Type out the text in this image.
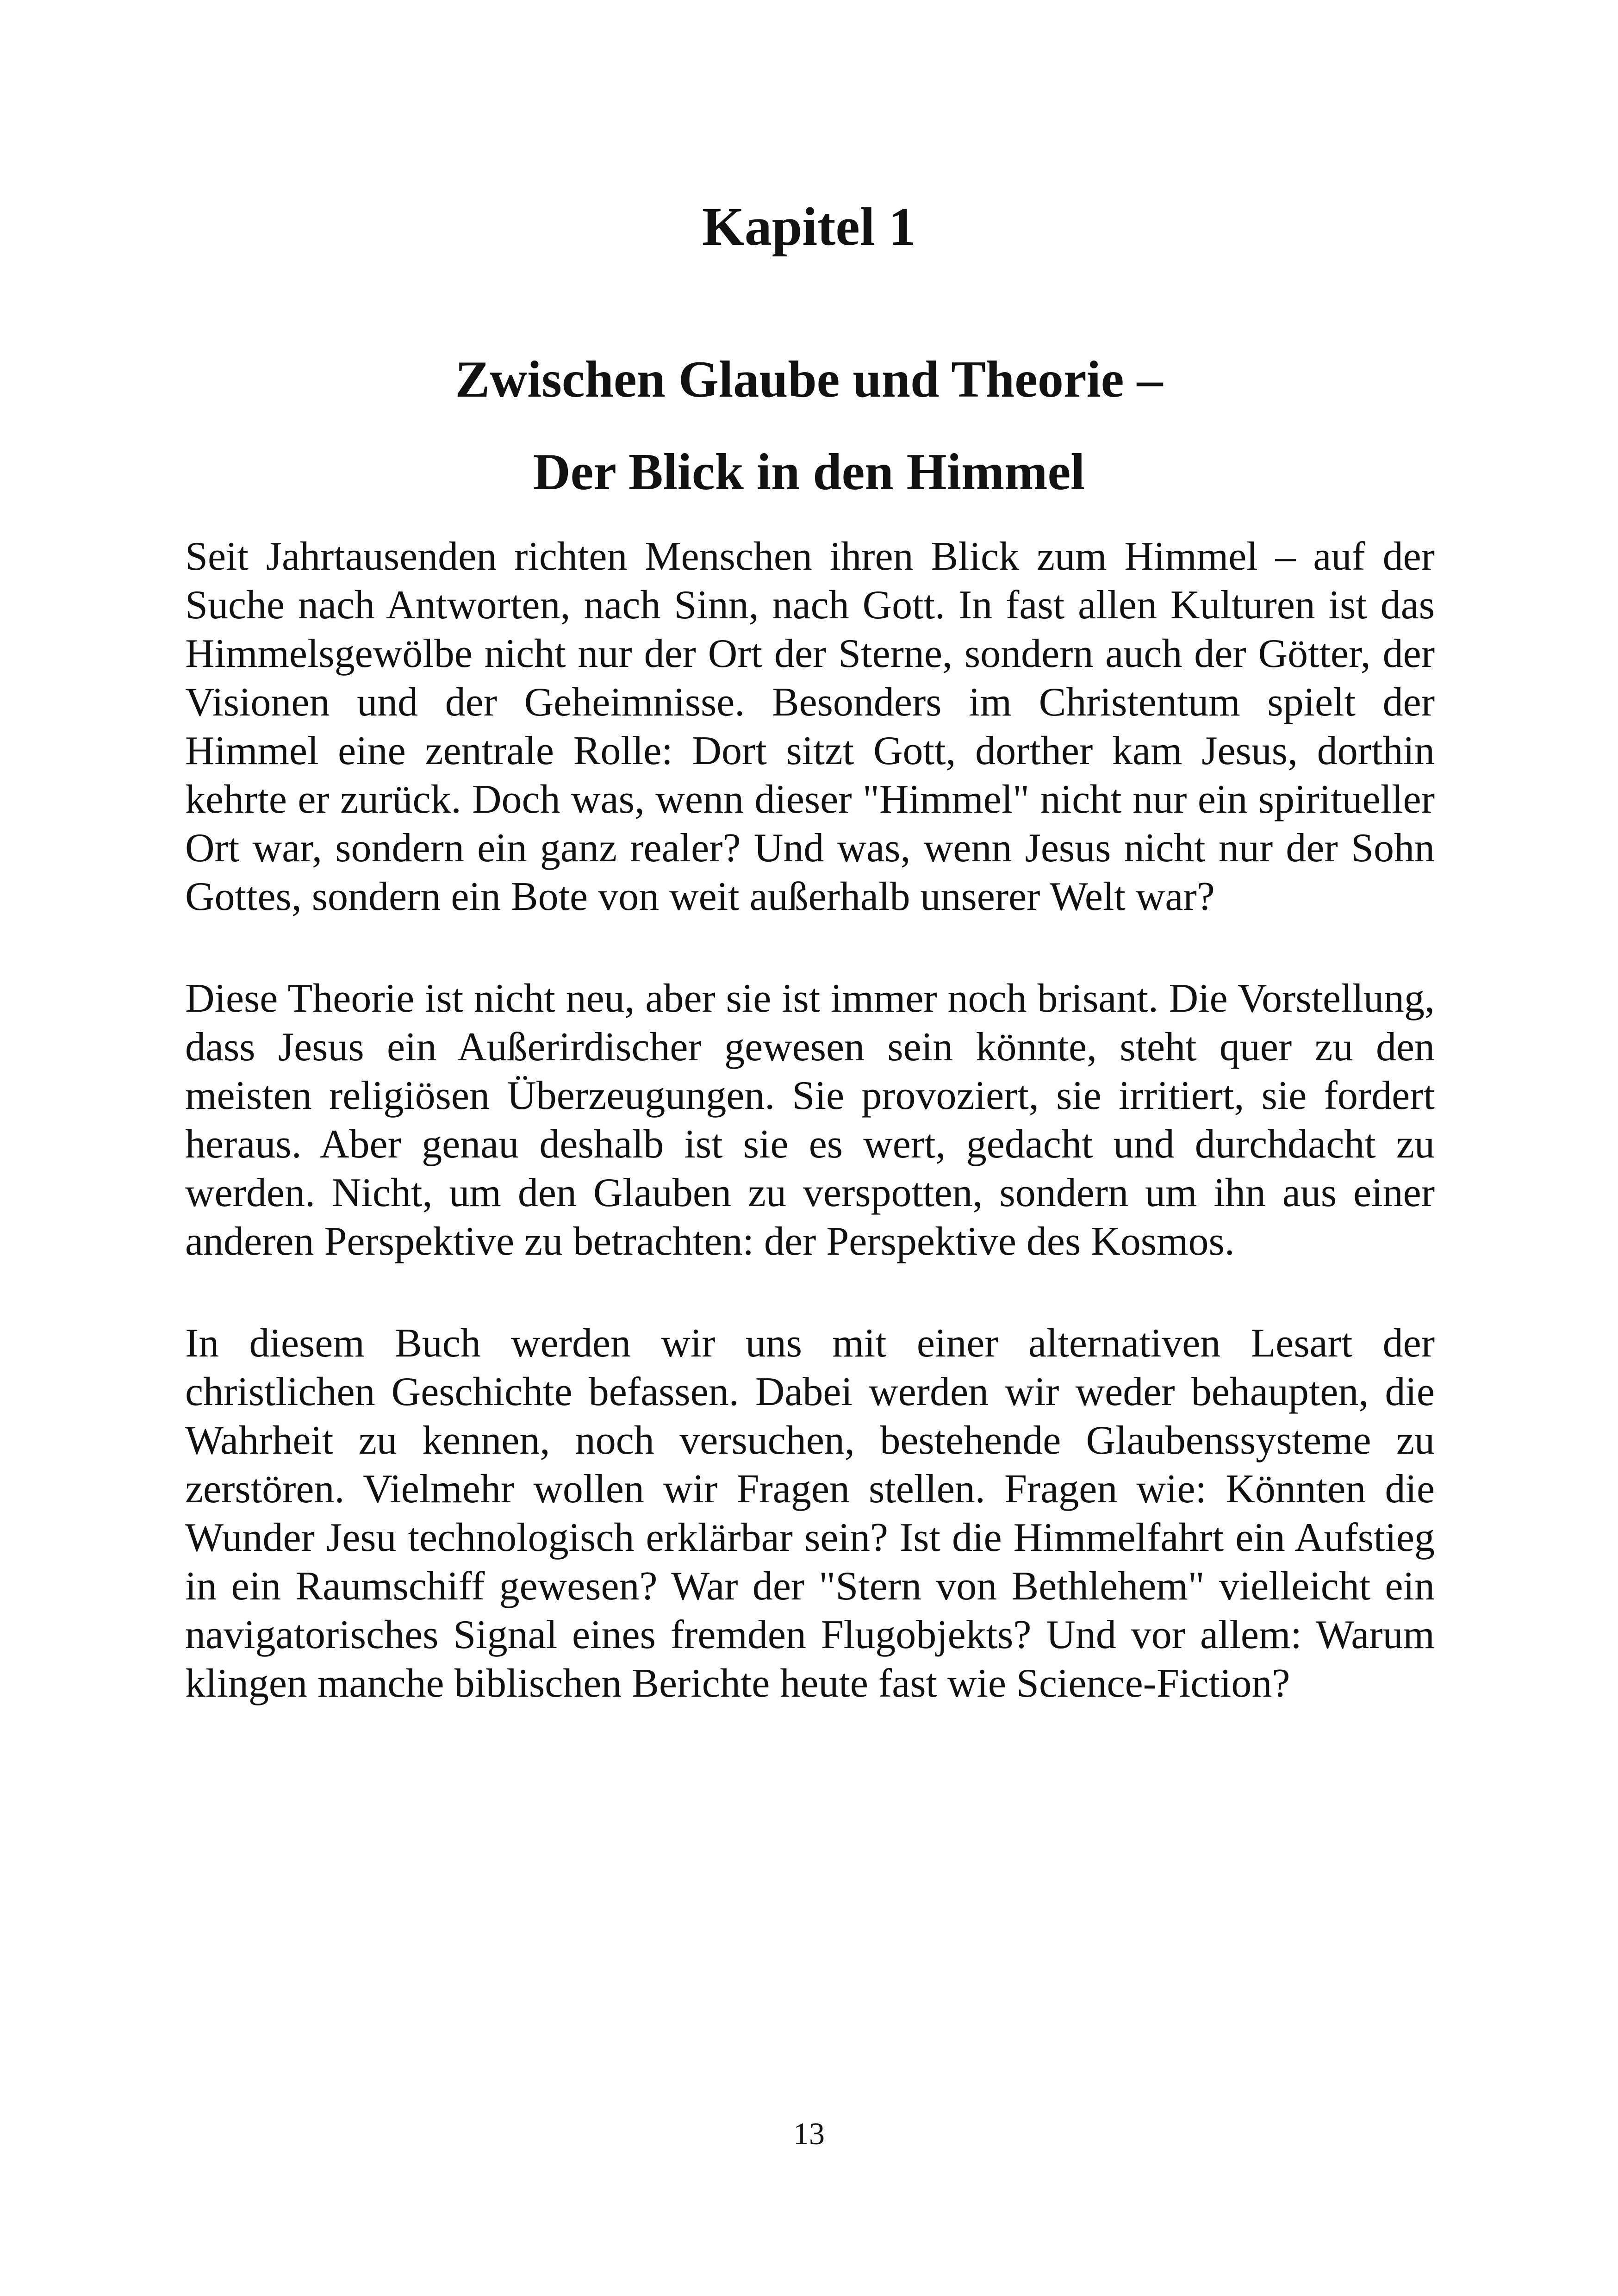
Kapitel 1
Zwischen Glaube und Theorie –
Der Blick in den Himmel

Seit Jahrtausenden richten Menschen ihren Blick zum Himmel – auf der Suche nach Antworten, nach Sinn, nach Gott. In fast allen Kulturen ist das Himmelsgewölbe nicht nur der Ort der Sterne, sondern auch der Götter, der Visionen und der Geheimnisse. Besonders im Christentum spielt der Himmel eine zentrale Rolle: Dort sitzt Gott, dorther kam Jesus, dorthin kehrte er zurück. Doch was, wenn dieser "Himmel" nicht nur ein spiritueller Ort war, sondern ein ganz realer? Und was, wenn Jesus nicht nur der Sohn Gottes, sondern ein Bote von weit außerhalb unserer Welt war?

Diese Theorie ist nicht neu, aber sie ist immer noch brisant. Die Vorstellung, dass Jesus ein Außerirdischer gewesen sein könnte, steht quer zu den meisten religiösen Überzeugungen. Sie provoziert, sie irritiert, sie fordert heraus. Aber genau deshalb ist sie es wert, gedacht und durchdacht zu werden. Nicht, um den Glauben zu verspotten, sondern um ihn aus einer anderen Perspektive zu betrachten: der Perspektive des Kosmos.

In diesem Buch werden wir uns mit einer alternativen Lesart der christlichen Geschichte befassen. Dabei werden wir weder behaupten, die Wahrheit zu kennen, noch versuchen, bestehende Glaubenssysteme zu zerstören. Vielmehr wollen wir Fragen stellen. Fragen wie: Könnten die Wunder Jesu technologisch erklärbar sein? Ist die Himmelfahrt ein Aufstieg in ein Raumschiff gewesen? War der "Stern von Bethlehem" vielleicht ein navigatorisches Signal eines fremden Flugobjekts? Und vor allem: Warum klingen manche biblischen Berichte heute fast wie Science-Fiction?

13
